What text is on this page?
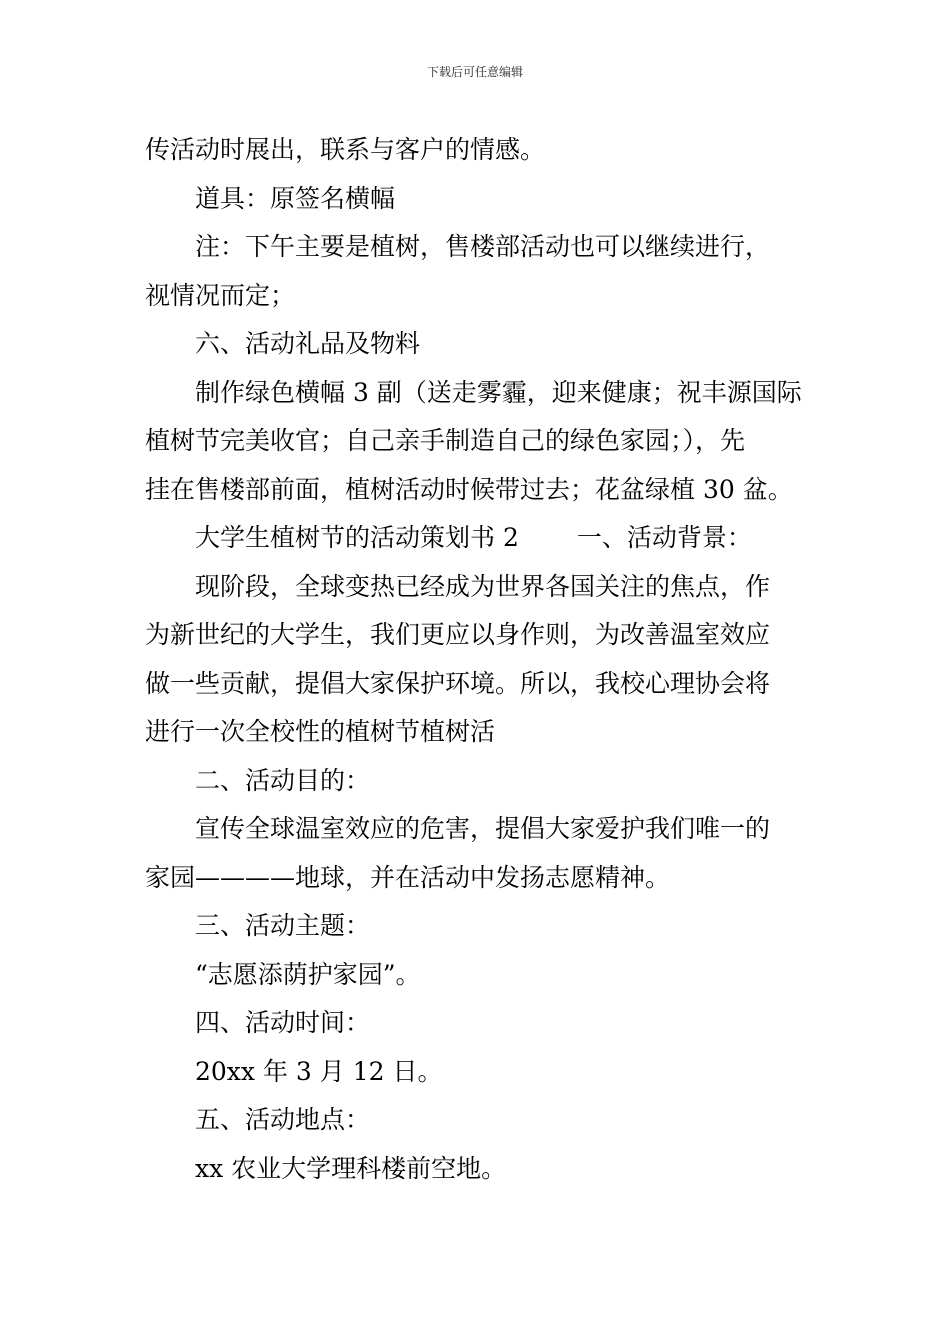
下载后可任意编辑
传活动时展出，联系与客户的情感。
道具：原签名横幅
注：下午主要是植树，售楼部活动也可以继续进行，
视情况而定；
六、活动礼品及物料
制作绿色横幅 3 副（送走雾霾，迎来健康；祝丰源国际
植树节完美收官；自己亲手制造自己的绿色家园；），先
挂在售楼部前面，植树活动时候带过去；花盆绿植 30 盆。
大学生植树节的活动策划书 2 一、活动背景：
现阶段，全球变热已经成为世界各国关注的焦点，作
为新世纪的大学生，我们更应以身作则，为改善温室效应
做一些贡献，提倡大家保护环境。所以，我校心理协会将
进行一次全校性的植树节植树活
二、活动目的：
宣传全球温室效应的危害，提倡大家爱护我们唯一的
家园————地球，并在活动中发扬志愿精神。
三、活动主题：
“志愿添荫护家园”。
四、活动时间：
20xx 年 3 月 12 日。
五、活动地点：
xx 农业大学理科楼前空地。
